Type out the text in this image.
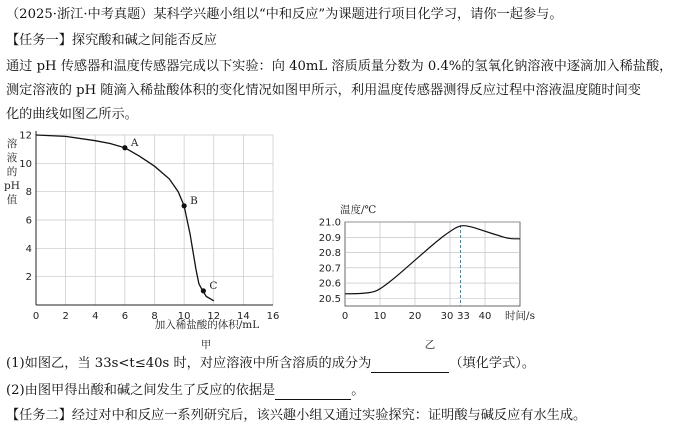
（2025·浙江·中考真题）某科学兴趣小组以“中和反应”为课题进行项目化学习，请你一起参与。
【任务一】探究酸和碱之间能否反应
通过 pH 传感器和温度传感器完成以下实验：向 40mL 溶质质量分数为 0.4%的氢氧化钠溶液中逐滴加入稀盐酸，
测定溶液的 pH 随滴入稀盐酸体积的变化情况如图甲所示，利用温度传感器测得反应过程中溶液温度随时间变
化的曲线如图乙所示。
0 2 4 6 8 10 12 14 16
2
4
6
8
10
12
溶
液
的
pH
值
加入稀盐酸的体积/mL
甲
A
B
C
0	10 20 30 33 40
20.5
20.6
20.7
20.8
20.9
21.0
温度/℃
时间/s
乙
(1)如图乙，当 33s<t≤40s 时，对应溶液中所含溶质的成分为	（填化学式）。
(2)由图甲得出酸和碱之间发生了反应的依据是	。
【任务二】经过对中和反应一系列研究后，该兴趣小组又通过实验探究：证明酸与碱反应有水生成。
